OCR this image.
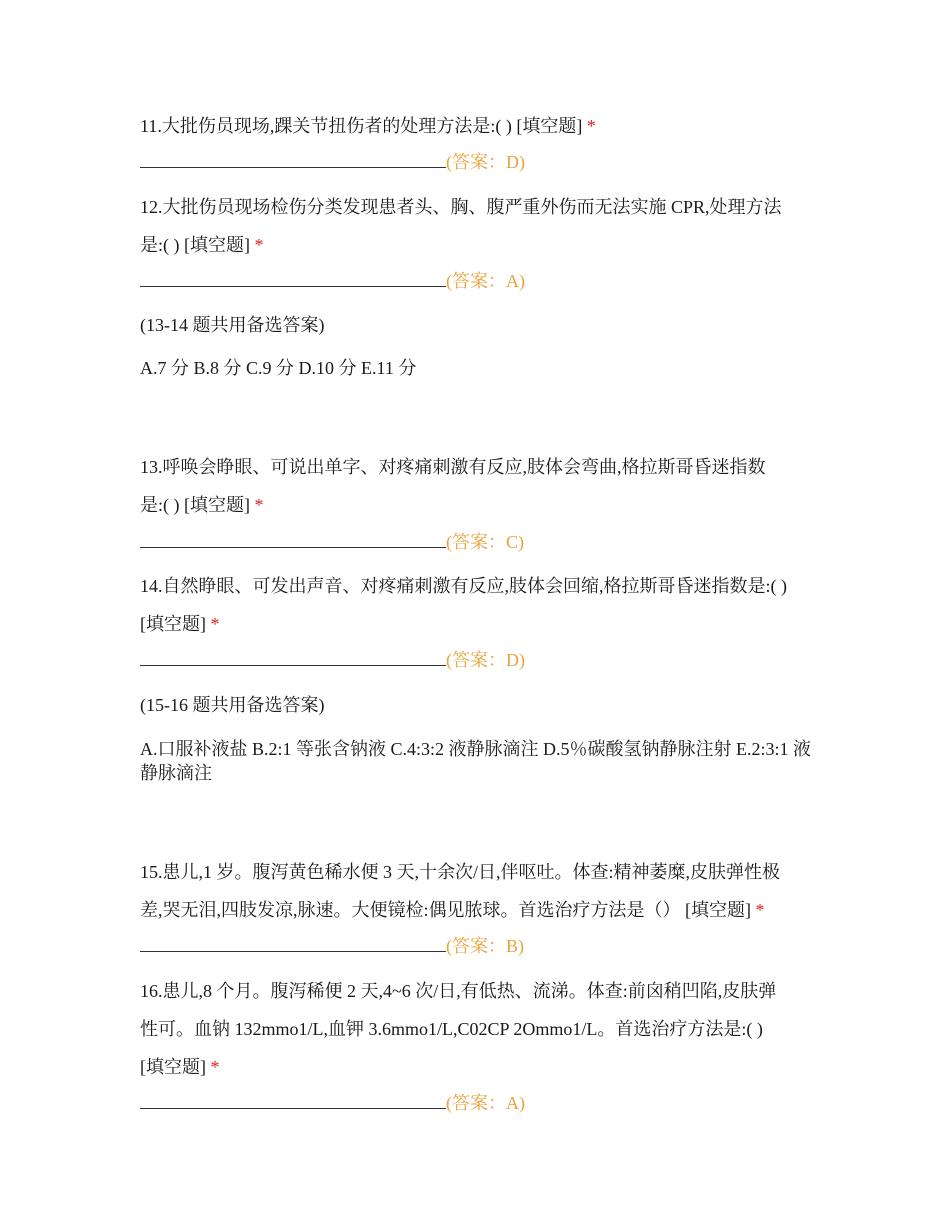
11.大批伤员现场,踝关节扭伤者的处理方法是:( ) [填空题] *
(答案：D)
12.大批伤员现场检伤分类发现患者头、胸、腹严重外伤而无法实施 CPR,处理方法
是:( ) [填空题] *
(答案：A)
(13-14 题共用备选答案)
A.7 分 B.8 分 C.9 分 D.10 分 E.11 分
13.呼唤会睁眼、可说出单字、对疼痛刺激有反应,肢体会弯曲,格拉斯哥昏迷指数
是:( ) [填空题] *
(答案：C)
14.自然睁眼、可发出声音、对疼痛刺激有反应,肢体会回缩,格拉斯哥昏迷指数是:( )
[填空题] *
(答案：D)
(15-16 题共用备选答案)
A.口服补液盐 B.2:1 等张含钠液 C.4:3:2 液静脉滴注 D.5％碳酸氢钠静脉注射 E.2:3:1 液静脉滴注
15.患儿,1 岁。腹泻黄色稀水便 3 天,十余次/日,伴呕吐。体查:精神萎糜,皮肤弹性极
差,哭无泪,四肢发凉,脉速。大便镜检:偶见脓球。首选治疗方法是（） [填空题] *
(答案：B)
16.患儿,8 个月。腹泻稀便 2 天,4~6 次/日,有低热、流涕。体查:前囟稍凹陷,皮肤弹
性可。血钠 132mmo1/L,血钾 3.6mmo1/L,C02CP 2Ommo1/L。首选治疗方法是:( )
[填空题] *
(答案：A)
